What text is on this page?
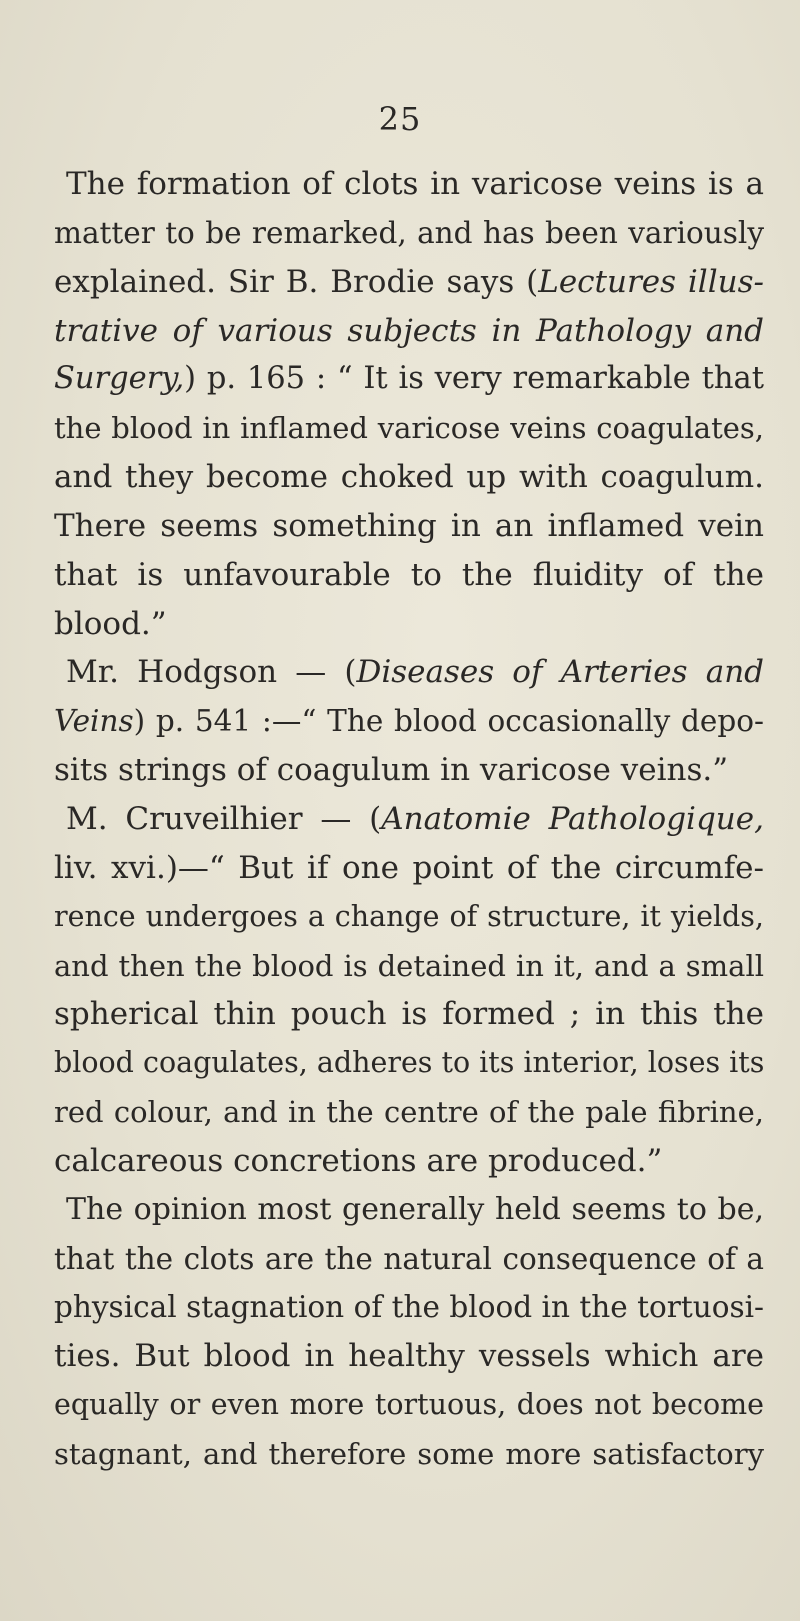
25
The formation of clots in varicose veins is a
matter to be remarked, and has been variously
explained. Sir B. Brodie says (Lectures illus-
trative of various subjects in Pathology and
Surgery,) p. 165 : “ It is very remarkable that
the blood in inflamed varicose veins coagulates,
and they become choked up with coagulum.
There seems something in an inflamed vein
that is unfavourable to the fluidity of the
blood.”
Mr. Hodgson — (Diseases of Arteries and
Veins) p. 541 :—“ The blood occasionally depo-
sits strings of coagulum in varicose veins.”
M. Cruveilhier — (Anatomie Pathologique,
liv. xvi.)—“ But if one point of the circumfe-
rence undergoes a change of structure, it yields,
and then the blood is detained in it, and a small
spherical thin pouch is formed ; in this the
blood coagulates, adheres to its interior, loses its
red colour, and in the centre of the pale fibrine,
calcareous concretions are produced.”
The opinion most generally held seems to be,
that the clots are the natural consequence of a
physical stagnation of the blood in the tortuosi-
ties. But blood in healthy vessels which are
equally or even more tortuous, does not become
stagnant, and therefore some more satisfactory
